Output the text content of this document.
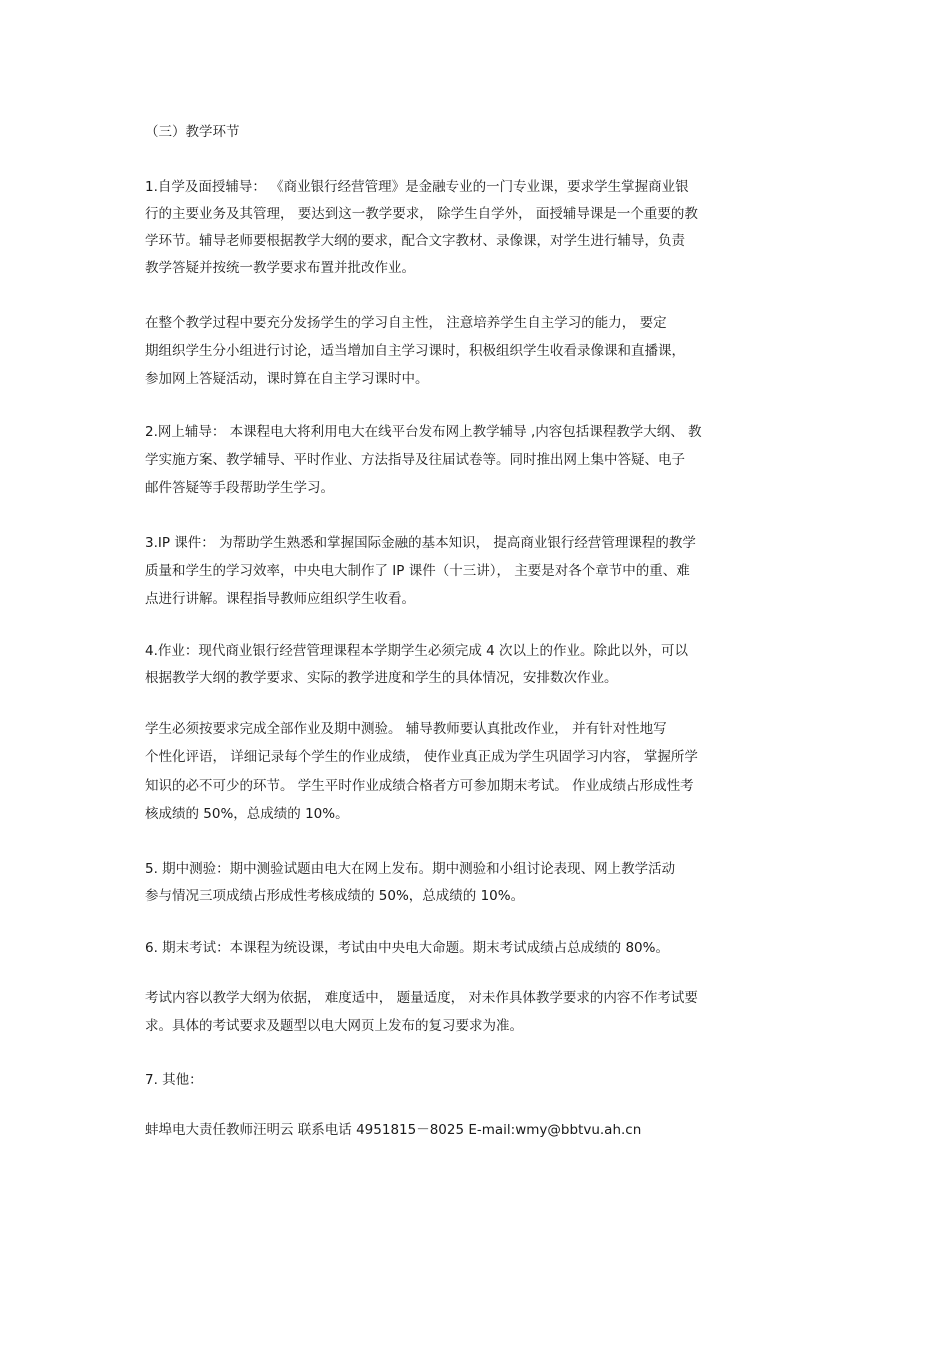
（三）教学环节
1.自学及面授辅导： 《商业银行经营管理》是金融专业的一门专业课，要求学生掌握商业银
行的主要业务及其管理， 要达到这一教学要求， 除学生自学外， 面授辅导课是一个重要的教
学环节。辅导老师要根据教学大纲的要求，配合文字教材、录像课，对学生进行辅导，负责
教学答疑并按统一教学要求布置并批改作业。
在整个教学过程中要充分发扬学生的学习自主性， 注意培养学生自主学习的能力， 要定
期组织学生分小组进行讨论，适当增加自主学习课时，积极组织学生收看录像课和直播课，
参加网上答疑活动，课时算在自主学习课时中。
2.网上辅导： 本课程电大将利用电大在线平台发布网上教学辅导 ,内容包括课程教学大纲、 教
学实施方案、教学辅导、平时作业、方法指导及往届试卷等。同时推出网上集中答疑、电子
邮件答疑等手段帮助学生学习。
3.IP 课件： 为帮助学生熟悉和掌握国际金融的基本知识， 提高商业银行经营管理课程的教学
质量和学生的学习效率，中央电大制作了 IP 课件（十三讲）， 主要是对各个章节中的重、难
点进行讲解。课程指导教师应组织学生收看。
4.作业：现代商业银行经营管理课程本学期学生必须完成 4 次以上的作业。除此以外，可以
根据教学大纲的教学要求、实际的教学进度和学生的具体情况，安排数次作业。
学生必须按要求完成全部作业及期中测验。 辅导教师要认真批改作业， 并有针对性地写
个性化评语， 详细记录每个学生的作业成绩， 使作业真正成为学生巩固学习内容， 掌握所学
知识的必不可少的环节。 学生平时作业成绩合格者方可参加期末考试。 作业成绩占形成性考
核成绩的 50%，总成绩的 10%。
5. 期中测验：期中测验试题由电大在网上发布。期中测验和小组讨论表现、网上教学活动
参与情况三项成绩占形成性考核成绩的 50%，总成绩的 10%。
6. 期末考试：本课程为统设课，考试由中央电大命题。期末考试成绩占总成绩的 80%。
考试内容以教学大纲为依据， 难度适中， 题量适度， 对未作具体教学要求的内容不作考试要
求。具体的考试要求及题型以电大网页上发布的复习要求为准。
7. 其他：
蚌埠电大责任教师汪明云 联系电话 4951815－8025 E-mail:wmy@bbtvu.ah.cn
